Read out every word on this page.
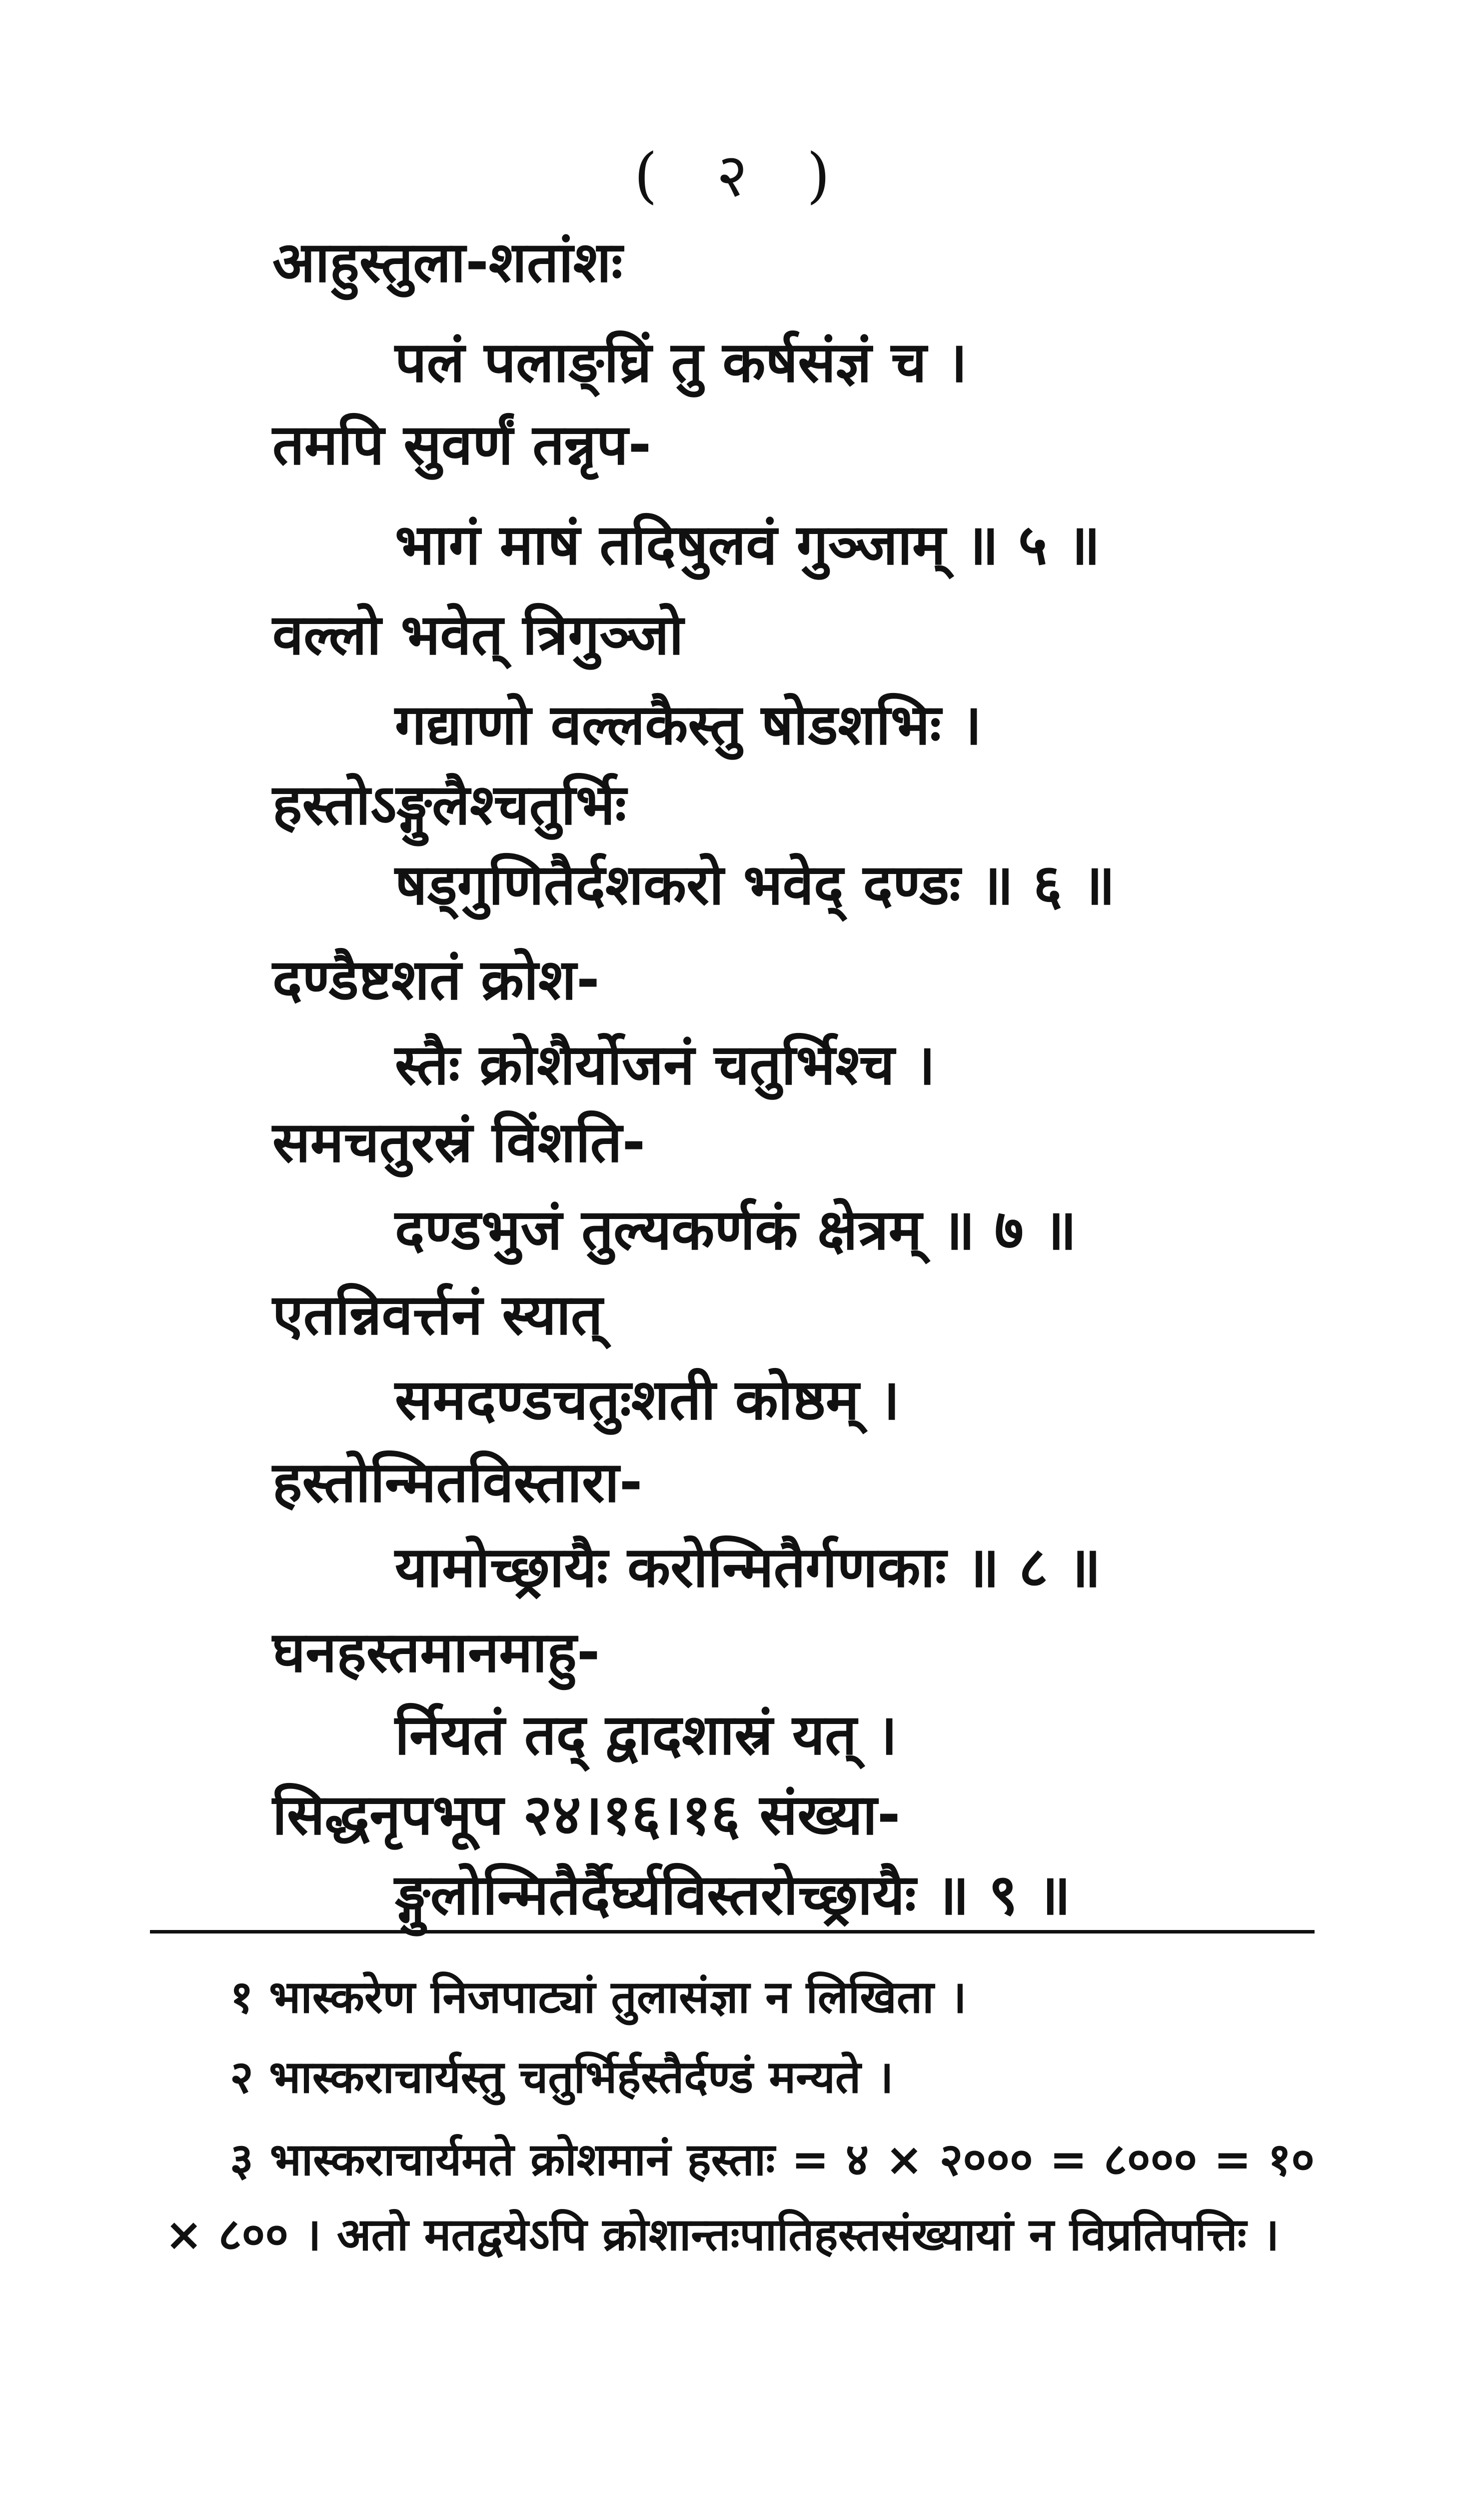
( २ )
आहुस्तुला-शतांशः
पलं पलाङ्घ्रिं तु कर्षसंज्ञं च ।
तमपि सुवर्णं तन्नृप-
भागं माषं तदिषुलवं गुञ्जाम् ॥ ५ ॥
वल्लो भवेत् त्रिगुञ्जो
गद्याणो वल्लकैस्तु षोडशभिः ।
हस्तोऽङ्गुलैश्चतुर्भिः
षड्गुणितैर्दशकरो भवेद् दण्डः ॥ ६ ॥
दण्डैष्टशतं क्रोश-
स्तैः क्रोशैर्योजनं चतुर्भिश्च ।
समचतुरस्रं विंशति-
दण्डभुजं तुल्यकर्णकं क्षेत्रम् ॥ ७ ॥
एतन्निवर्त्तनं स्यात्
समदण्डचतुःशती कोष्ठम् ।
हस्तोन्मितविस्तारा-
यामोच्छ्रायैः करोन्मितैर्गणकाः ॥ ८ ॥
घनहस्तमानमाहु-
र्नियतं तद् द्वादशास्रं यत् ।
सिद्धनृपभूप २४।१६।१६ संख्या-
ङ्गुलोन्मितैर्दैर्घ्यविस्तरोच्छ्रायैः ॥ ९ ॥
१ भास्करेण निजपाट्यां तुलासंज्ञा न लिखिता ।
२ भास्कराचार्यस्तु चतुर्भिर्हस्तैर्दण्डं मन्यते ।
३ भास्कराचार्यमते क्रोशमानं हस्ताः = ४ × २००० = ८००० = १० × ८०० । अतो मतद्वयेऽपि क्रोशान्तःपातिहस्तसंख्यायां न विप्रतिपत्तिः ।
